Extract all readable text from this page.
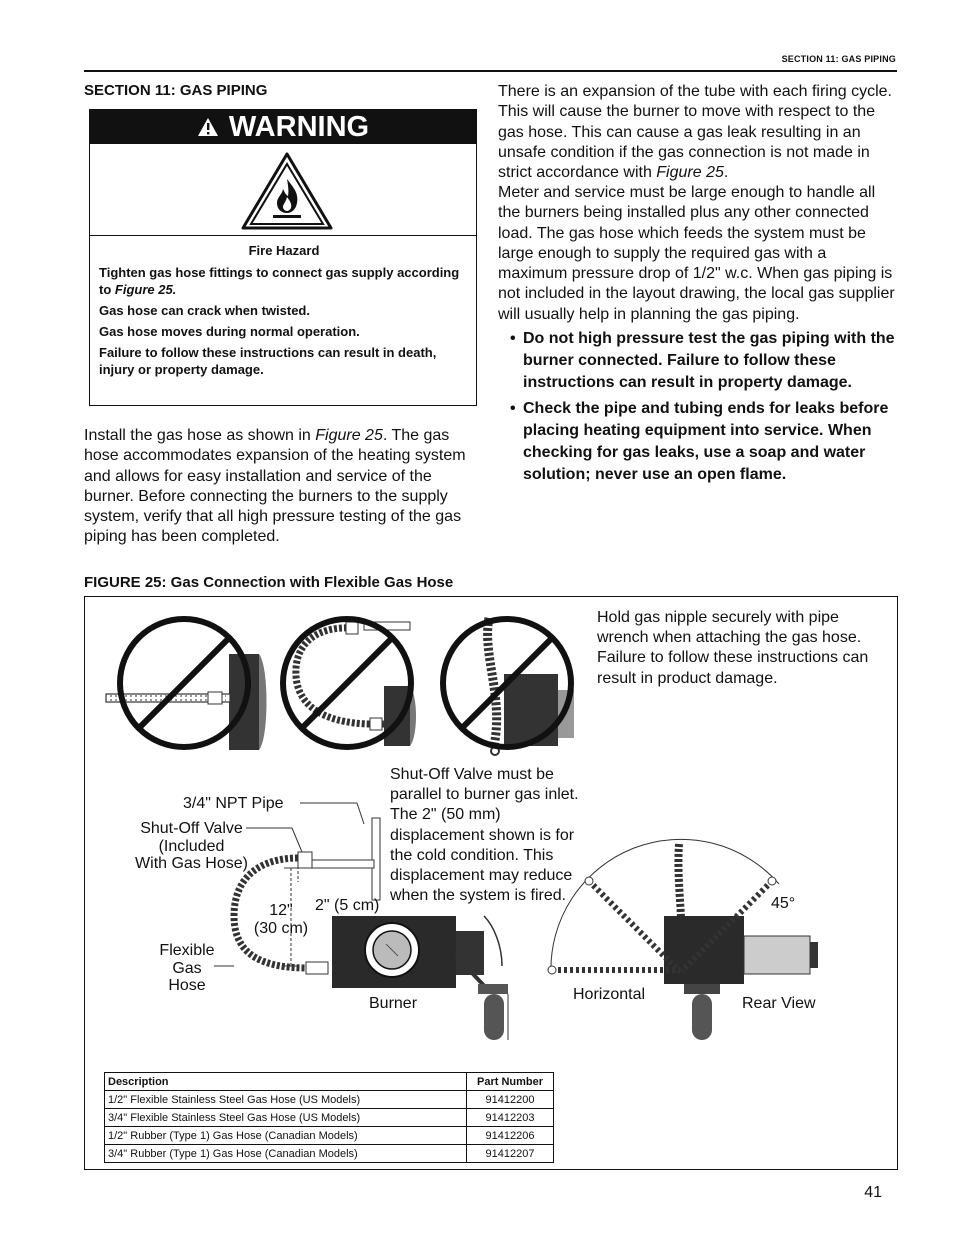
SECTION 11: GAS PIPING
SECTION 11: GAS PIPING
WARNING

Fire Hazard

Tighten gas hose fittings to connect gas supply according to Figure 25.

Gas hose can crack when twisted.

Gas hose moves during normal operation.

Failure to follow these instructions can result in death, injury or property damage.

Install the gas hose as shown in Figure 25. The gas hose accommodates expansion of the heating system and allows for easy installation and service of the burner. Before connecting the burners to the supply system, verify that all high pressure testing of the gas piping has been completed.
There is an expansion of the tube with each firing cycle. This will cause the burner to move with respect to the gas hose. This can cause a gas leak resulting in an unsafe condition if the gas connection is not made in strict accordance with Figure 25.
Meter and service must be large enough to handle all the burners being installed plus any other connected load. The gas hose which feeds the system must be large enough to supply the required gas with a maximum pressure drop of 1/2" w.c. When gas piping is not included in the layout drawing, the local gas supplier will usually help in planning the gas piping.
• Do not high pressure test the gas piping with the burner connected. Failure to follow these instructions can result in property damage.
• Check the pipe and tubing ends for leaks before placing heating equipment into service. When checking for gas leaks, use a soap and water solution; never use an open flame.
FIGURE 25: Gas Connection with Flexible Gas Hose
Hold gas nipple securely with pipe wrench when attaching the gas hose. Failure to follow these instructions can result in product damage.
Shut-Off Valve must be parallel to burner gas inlet. The 2" (50 mm) displacement shown is for the cold condition. This displacement may reduce when the system is fired.
3/4" NPT Pipe
Shut-Off Valve
(Included
With Gas Hose)
12"
(30 cm)
2" (5 cm)
Flexible
Gas
Hose
Burner
Horizontal
45°
Rear View
Description	Part Number
1/2" Flexible Stainless Steel Gas Hose (US Models)	91412200
3/4" Flexible Stainless Steel Gas Hose (US Models)	91412203
1/2" Rubber (Type 1) Gas Hose (Canadian Models)	91412206
3/4" Rubber (Type 1) Gas Hose (Canadian Models)	91412207
41
